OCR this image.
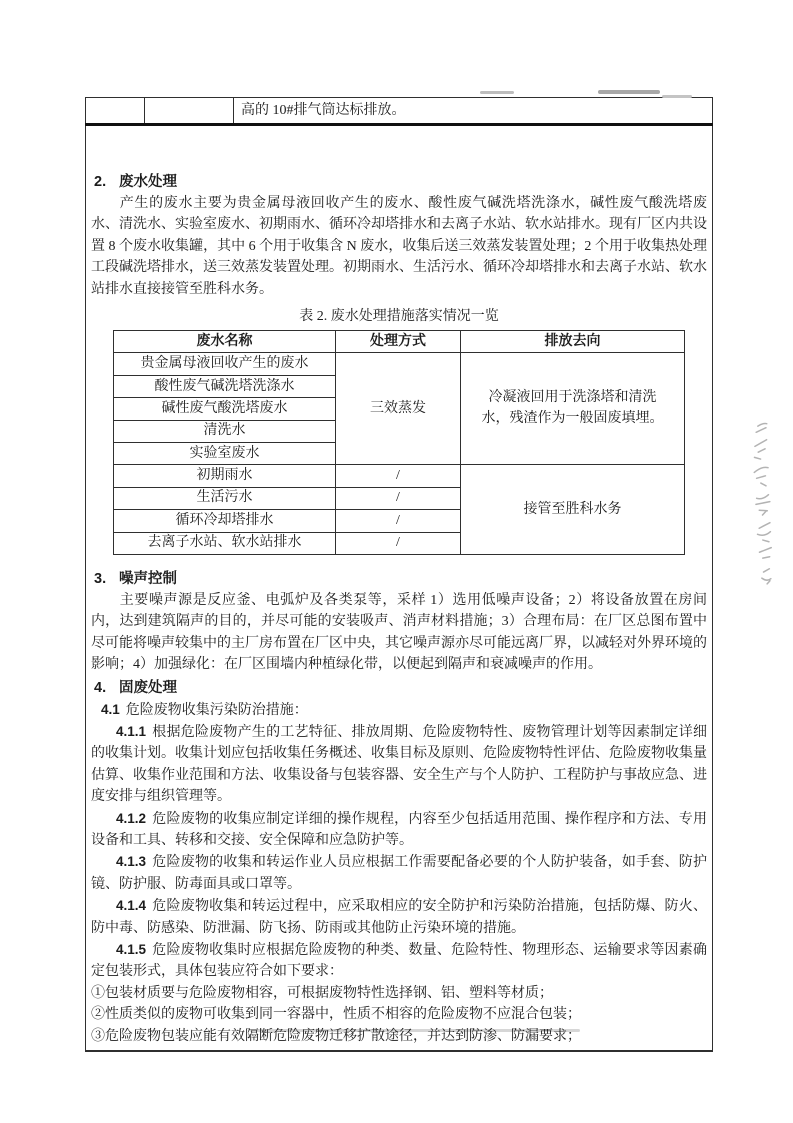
高的 10#排气筒达标排放。
2. 废水处理

产生的废水主要为贵金属母液回收产生的废水、酸性废气碱洗塔洗涤水，碱性废气酸洗塔废水、清洗水、实验室废水、初期雨水、循环冷却塔排水和去离子水站、软水站排水。现有厂区内共设置 8 个废水收集罐，其中 6 个用于收集含 N 废水，收集后送三效蒸发装置处理；2 个用于收集热处理工段碱洗塔排水，送三效蒸发装置处理。初期雨水、生活污水、循环冷却塔排水和去离子水站、软水站排水直接接管至胜科水务。

表 2. 废水处理措施落实情况一览
废水名称	处理方式	排放去向
贵金属母液回收产生的废水	三效蒸发	冷凝液回用于洗涤塔和清洗水，残渣作为一般固废填埋。
酸性废气碱洗塔洗涤水		
碱性废气酸洗塔废水		
清洗水		
实验室废水		
初期雨水	/	接管至胜科水务
生活污水	/	
循环冷却塔排水	/	
去离子水站、软水站排水	/	
3. 噪声控制

主要噪声源是反应釜、电弧炉及各类泵等，采样 1）选用低噪声设备；2）将设备放置在房间内，达到建筑隔声的目的，并尽可能的安装吸声、消声材料措施；3）合理布局：在厂区总图布置中尽可能将噪声较集中的主厂房布置在厂区中央，其它噪声源亦尽可能远离厂界，以减轻对外界环境的影响；4）加强绿化：在厂区围墙内种植绿化带，以便起到隔声和衰减噪声的作用。

4. 固废处理

4.1 危险废物收集污染防治措施：

4.1.1 根据危险废物产生的工艺特征、排放周期、危险废物特性、废物管理计划等因素制定详细的收集计划。收集计划应包括收集任务概述、收集目标及原则、危险废物特性评估、危险废物收集量估算、收集作业范围和方法、收集设备与包装容器、安全生产与个人防护、工程防护与事故应急、进度安排与组织管理等。

4.1.2 危险废物的收集应制定详细的操作规程，内容至少包括适用范围、操作程序和方法、专用设备和工具、转移和交接、安全保障和应急防护等。

4.1.3 危险废物的收集和转运作业人员应根据工作需要配备必要的个人防护装备，如手套、防护镜、防护服、防毒面具或口罩等。

4.1.4 危险废物收集和转运过程中，应采取相应的安全防护和污染防治措施，包括防爆、防火、防中毒、防感染、防泄漏、防飞扬、防雨或其他防止污染环境的措施。

4.1.5 危险废物收集时应根据危险废物的种类、数量、危险特性、物理形态、运输要求等因素确定包装形式，具体包装应符合如下要求：

①包装材质要与危险废物相容，可根据废物特性选择钢、铝、塑料等材质；

②性质类似的废物可收集到同一容器中，性质不相容的危险废物不应混合包装；

③危险废物包装应能有效隔断危险废物迁移扩散途径，并达到防渗、防漏要求；
